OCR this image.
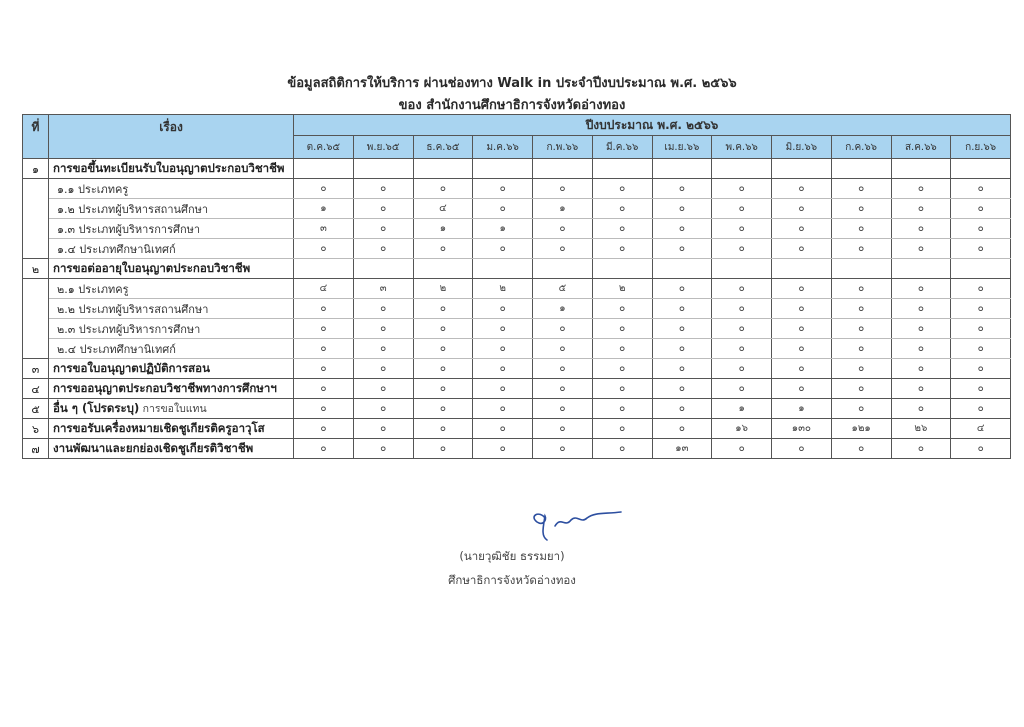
ข้อมูลสถิติการให้บริการ ผ่านช่องทาง Walk in ประจำปีงบประมาณ พ.ศ. ๒๕๖๖
ของ สำนักงานศึกษาธิการจังหวัดอ่างทอง
ที่	เรื่อง	ปีงบประมาณ พ.ศ. ๒๕๖๖											
		ต.ค.๖๕	พ.ย.๖๕	ธ.ค.๖๕	ม.ค.๖๖	ก.พ.๖๖	มี.ค.๖๖	เม.ย.๖๖	พ.ค.๖๖	มิ.ย.๖๖	ก.ค.๖๖	ส.ค.๖๖	ก.ย.๖๖
๑	การขอขึ้นทะเบียนรับใบอนุญาตประกอบวิชาชีพ												
	๑.๑ ประเภทครู	๐	๐	๐	๐	๐	๐	๐	๐	๐	๐	๐	๐
	๑.๒ ประเภทผู้บริหารสถานศึกษา	๑	๐	๔	๐	๑	๐	๐	๐	๐	๐	๐	๐
	๑.๓ ประเภทผู้บริหารการศึกษา	๓	๐	๑	๑	๐	๐	๐	๐	๐	๐	๐	๐
	๑.๔ ประเภทศึกษานิเทศก์	๐	๐	๐	๐	๐	๐	๐	๐	๐	๐	๐	๐
๒	การขอต่ออายุใบอนุญาตประกอบวิชาชีพ												
	๒.๑ ประเภทครู	๔	๓	๒	๒	๕	๒	๐	๐	๐	๐	๐	๐
	๒.๒ ประเภทผู้บริหารสถานศึกษา	๐	๐	๐	๐	๑	๐	๐	๐	๐	๐	๐	๐
	๒.๓ ประเภทผู้บริหารการศึกษา	๐	๐	๐	๐	๐	๐	๐	๐	๐	๐	๐	๐
	๒.๔ ประเภทศึกษานิเทศก์	๐	๐	๐	๐	๐	๐	๐	๐	๐	๐	๐	๐
๓	การขอใบอนุญาตปฏิบัติการสอน	๐	๐	๐	๐	๐	๐	๐	๐	๐	๐	๐	๐
๔	การขออนุญาตประกอบวิชาชีพทางการศึกษาฯ	๐	๐	๐	๐	๐	๐	๐	๐	๐	๐	๐	๐
๕	อื่น ๆ (โปรดระบุ) การขอใบแทน	๐	๐	๐	๐	๐	๐	๐	๑	๑	๐	๐	๐
๖	การขอรับเครื่องหมายเชิดชูเกียรติครูอาวุโส	๐	๐	๐	๐	๐	๐	๐	๑๖	๑๓๐	๑๒๑	๒๖	๔
๗	งานพัฒนาและยกย่องเชิดชูเกียรติวิชาชีพ	๐	๐	๐	๐	๐	๐	๑๓	๐	๐	๐	๐	๐
(นายวุฒิชัย ธรรมยา)
ศึกษาธิการจังหวัดอ่างทอง
